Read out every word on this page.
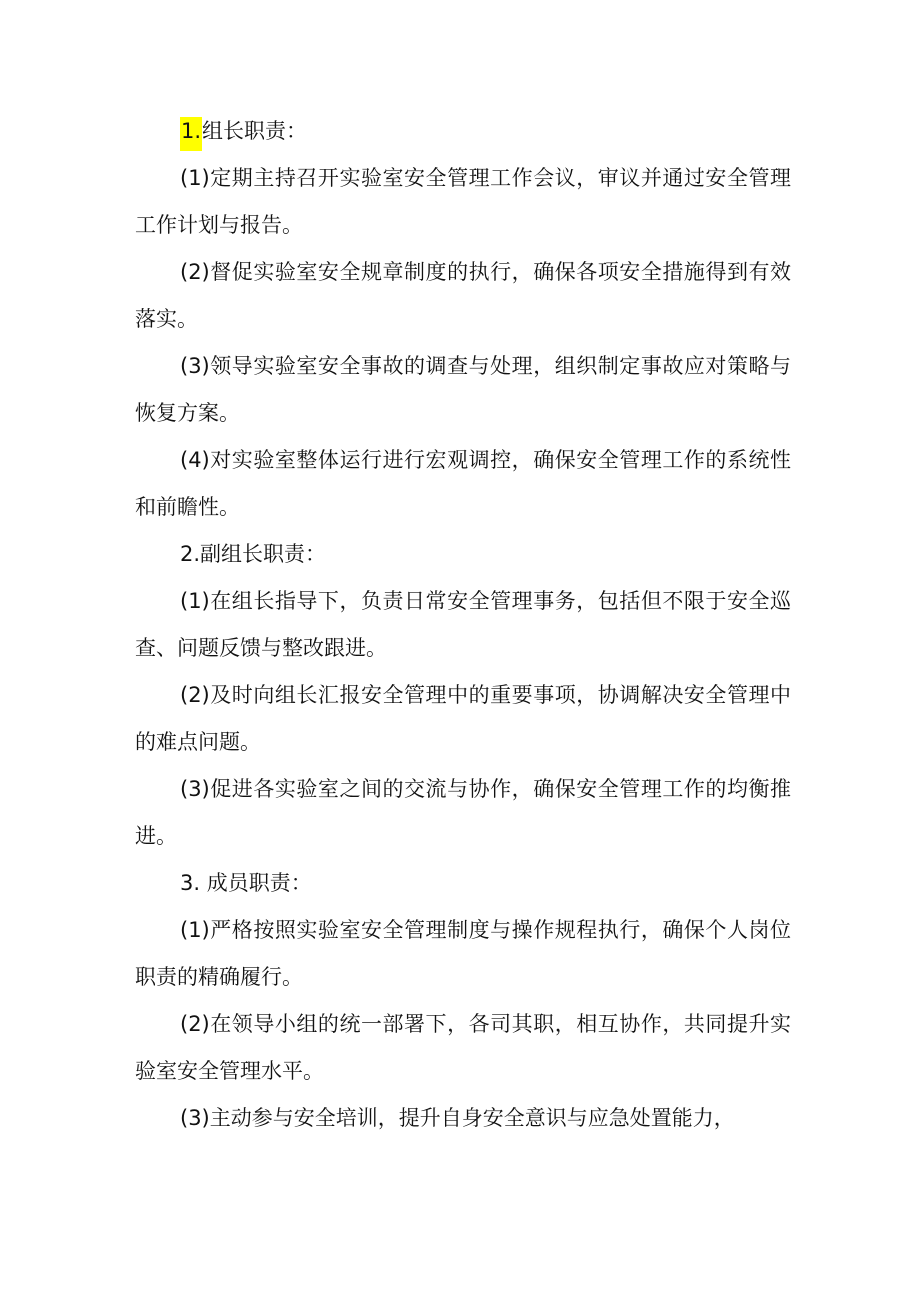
1.组长职责：

(1)定期主持召开实验室安全管理工作会议，审议并通过安全管理工作计划与报告。

(2)督促实验室安全规章制度的执行，确保各项安全措施得到有效落实。

(3)领导实验室安全事故的调查与处理，组织制定事故应对策略与恢复方案。

(4)对实验室整体运行进行宏观调控，确保安全管理工作的系统性和前瞻性。

2.副组长职责：

(1)在组长指导下，负责日常安全管理事务，包括但不限于安全巡查、问题反馈与整改跟进。

(2)及时向组长汇报安全管理中的重要事项，协调解决安全管理中的难点问题。

(3)促进各实验室之间的交流与协作，确保安全管理工作的均衡推进。

3. 成员职责：

(1)严格按照实验室安全管理制度与操作规程执行，确保个人岗位职责的精确履行。

(2)在领导小组的统一部署下，各司其职，相互协作，共同提升实验室安全管理水平。

(3)主动参与安全培训，提升自身安全意识与应急处置能力，
